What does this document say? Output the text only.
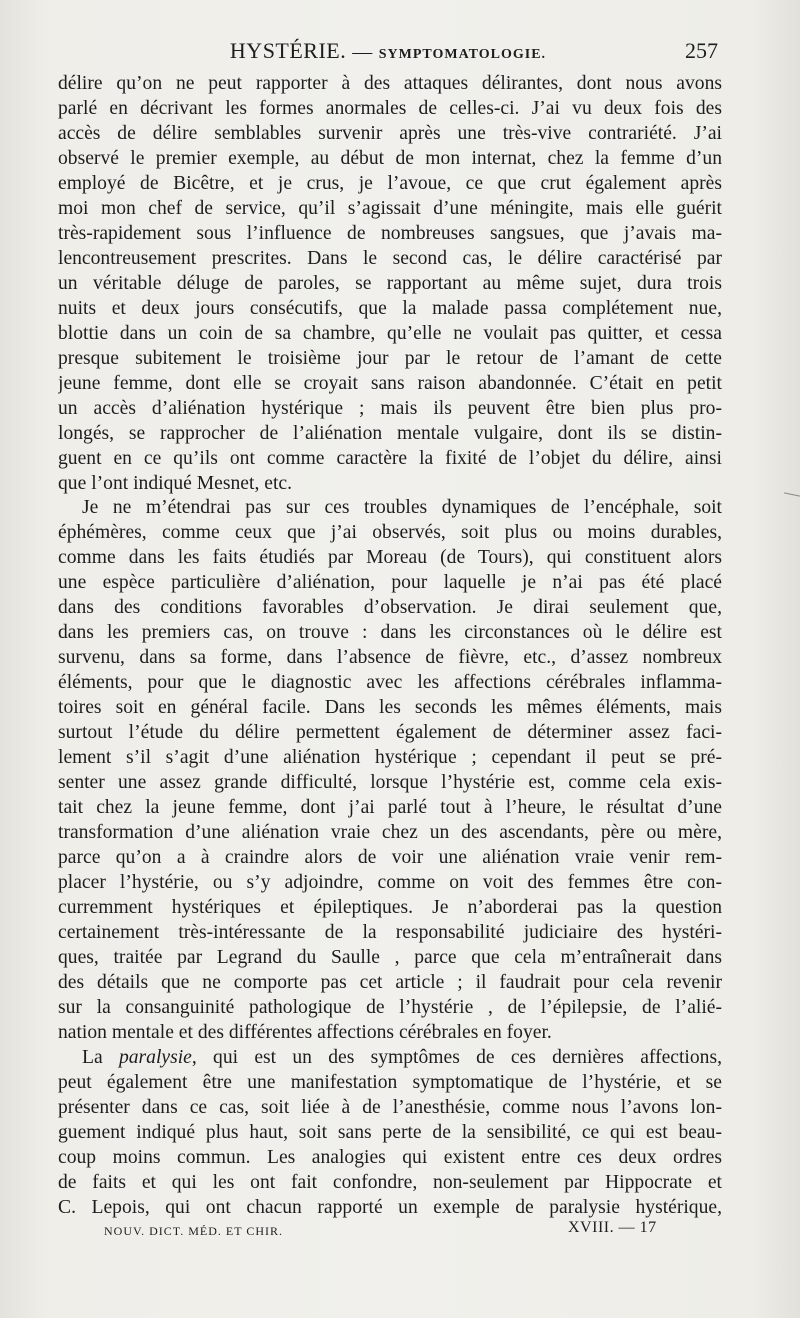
HYSTÉRIE. — SYMPTOMATOLOGIE.	257
délire qu’on ne peut rapporter à des attaques délirantes, dont nous avons
parlé en décrivant les formes anormales de celles-ci. J’ai vu deux fois des
accès de délire semblables survenir après une très-vive contrariété. J’ai
observé le premier exemple, au début de mon internat, chez la femme d’un
employé de Bicêtre, et je crus, je l’avoue, ce que crut également après
moi mon chef de service, qu’il s’agissait d’une méningite, mais elle guérit
très-rapidement sous l’influence de nombreuses sangsues, que j’avais ma-
lencontreusement prescrites. Dans le second cas, le délire caractérisé par
un véritable déluge de paroles, se rapportant au même sujet, dura trois
nuits et deux jours consécutifs, que la malade passa complétement nue,
blottie dans un coin de sa chambre, qu’elle ne voulait pas quitter, et cessa
presque subitement le troisième jour par le retour de l’amant de cette
jeune femme, dont elle se croyait sans raison abandonnée. C’était en petit
un accès d’aliénation hystérique ; mais ils peuvent être bien plus pro-
longés, se rapprocher de l’aliénation mentale vulgaire, dont ils se distin-
guent en ce qu’ils ont comme caractère la fixité de l’objet du délire, ainsi
que l’ont indiqué Mesnet, etc.
Je ne m’étendrai pas sur ces troubles dynamiques de l’encéphale, soit
éphémères, comme ceux que j’ai observés, soit plus ou moins durables,
comme dans les faits étudiés par Moreau (de Tours), qui constituent alors
une espèce particulière d’aliénation, pour laquelle je n’ai pas été placé
dans des conditions favorables d’observation. Je dirai seulement que,
dans les premiers cas, on trouve : dans les circonstances où le délire est
survenu, dans sa forme, dans l’absence de fièvre, etc., d’assez nombreux
éléments, pour que le diagnostic avec les affections cérébrales inflamma-
toires soit en général facile. Dans les seconds les mêmes éléments, mais
surtout l’étude du délire permettent également de déterminer assez faci-
lement s’il s’agit d’une aliénation hystérique ; cependant il peut se pré-
senter une assez grande difficulté, lorsque l’hystérie est, comme cela exis-
tait chez la jeune femme, dont j’ai parlé tout à l’heure, le résultat d’une
transformation d’une aliénation vraie chez un des ascendants, père ou mère,
parce qu’on a à craindre alors de voir une aliénation vraie venir rem-
placer l’hystérie, ou s’y adjoindre, comme on voit des femmes être con-
curremment hystériques et épileptiques. Je n’aborderai pas la question
certainement très-intéressante de la responsabilité judiciaire des hystéri-
ques, traitée par Legrand du Saulle , parce que cela m’entraînerait dans
des détails que ne comporte pas cet article ; il faudrait pour cela revenir
sur la consanguinité pathologique de l’hystérie , de l’épilepsie, de l’alié-
nation mentale et des différentes affections cérébrales en foyer.
La paralysie, qui est un des symptômes de ces dernières affections,
peut également être une manifestation symptomatique de l’hystérie, et se
présenter dans ce cas, soit liée à de l’anesthésie, comme nous l’avons lon-
guement indiqué plus haut, soit sans perte de la sensibilité, ce qui est beau-
coup moins commun. Les analogies qui existent entre ces deux ordres
de faits et qui les ont fait confondre, non-seulement par Hippocrate et
C. Lepois, qui ont chacun rapporté un exemple de paralysie hystérique,
NOUV. DICT. MÉD. ET CHIR.	XVIII. — 17
